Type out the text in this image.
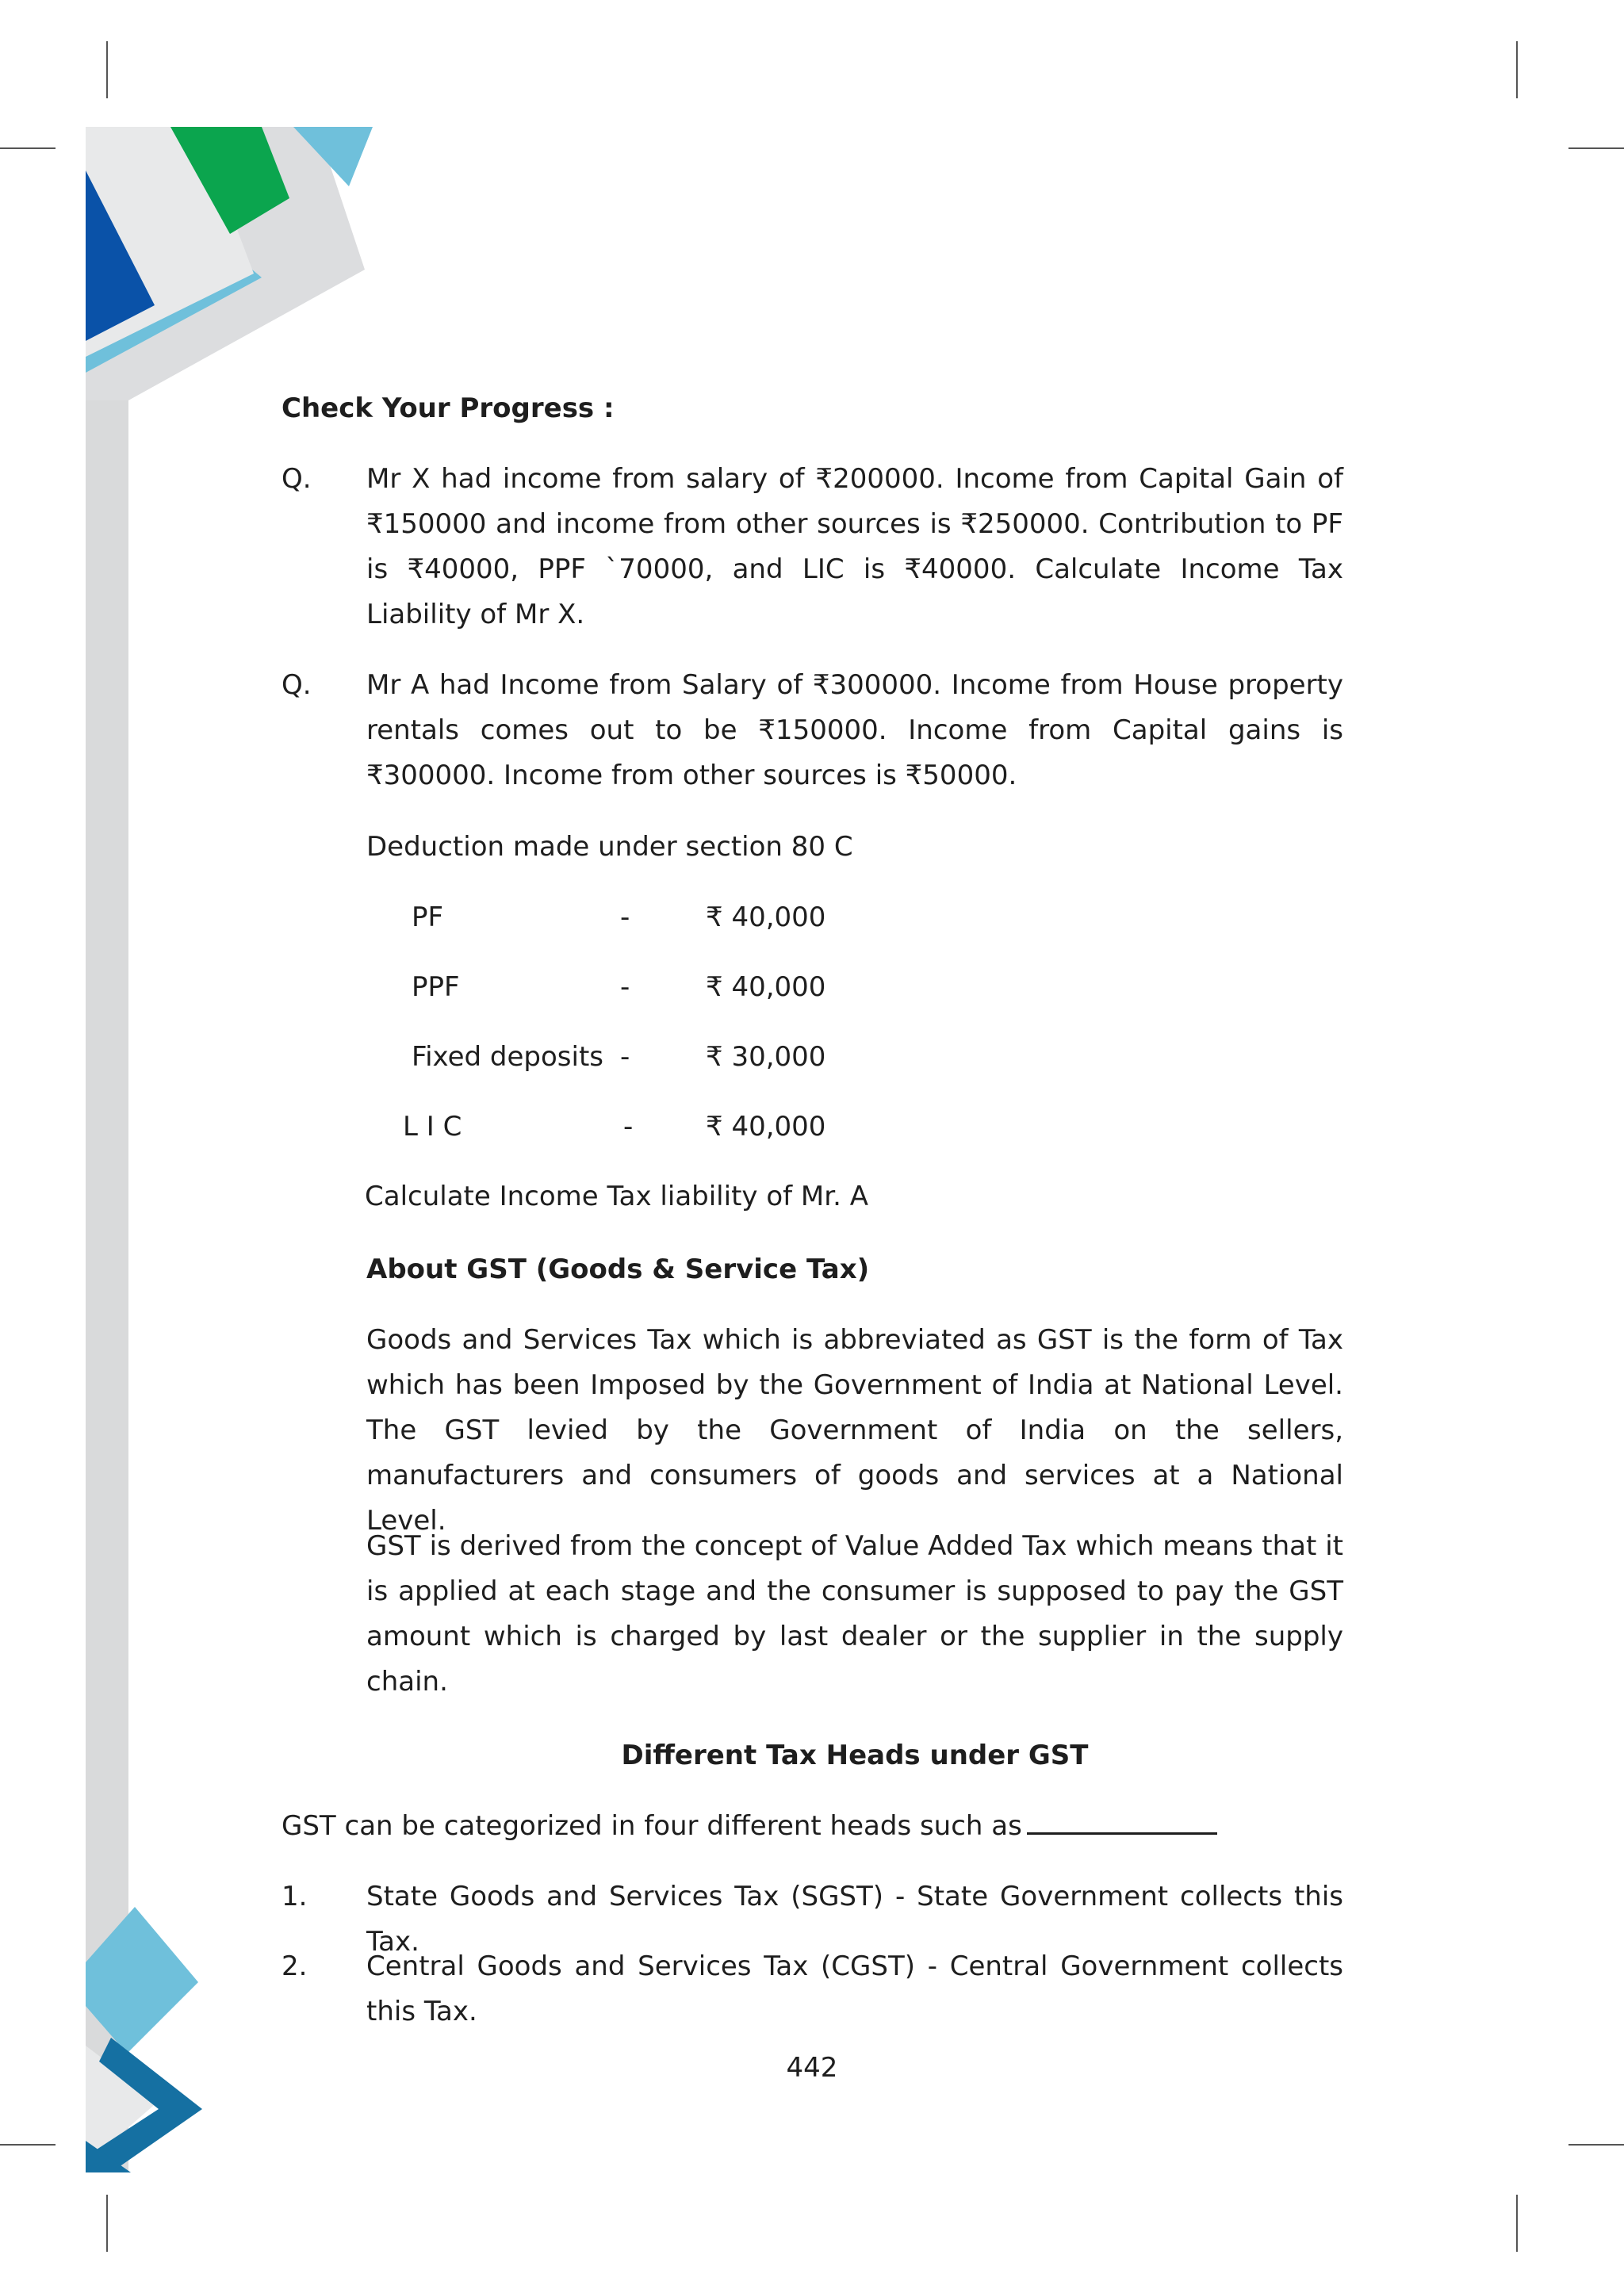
Check Your Progress :
Q. Mr X had income from salary of ₹200000. Income from Capital Gain of ₹150000 and income from other sources is ₹250000. Contribution to PF is ₹40000, PPF `70000, and LIC is ₹40000. Calculate Income Tax Liability of Mr X.

Q. Mr A had Income from Salary of ₹300000. Income from House property rentals comes out to be ₹150000. Income from Capital gains is ₹300000. Income from other sources is ₹50000.

Deduction made under section 80 C
PF	-	₹ 40,000
PPF	-	₹ 40,000
Fixed deposits -	₹ 30,000
L I C	-	₹ 40,000
Calculate Income Tax liability of Mr. A
About GST (Goods & Service Tax)

Goods and Services Tax which is abbreviated as GST is the form of Tax which has been Imposed by the Government of India at National Level. The GST levied by the Government of India on the sellers, manufacturers and consumers of goods and services at a National Level.

GST is derived from the concept of Value Added Tax which means that it is applied at each stage and the consumer is supposed to pay the GST amount which is charged by last dealer or the supplier in the supply chain.

Different Tax Heads under GST
GST can be categorized in four different heads such as
1. State Goods and Services Tax (SGST) - State Government collects this Tax.

2. Central Goods and Services Tax (CGST) - Central Government collects this Tax.

442
